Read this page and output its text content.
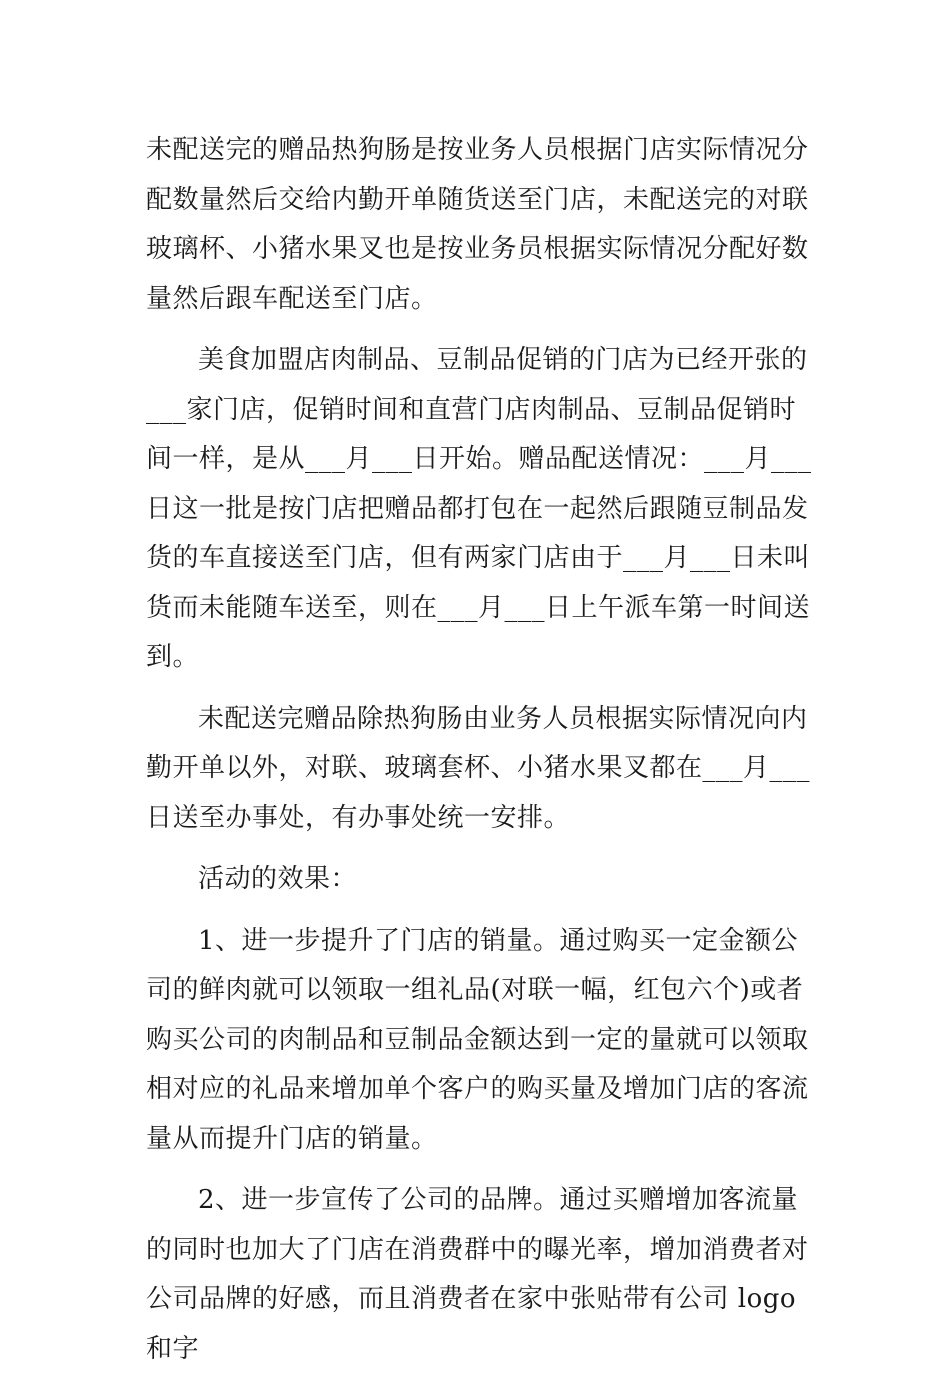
未配送完的赠品热狗肠是按业务人员根据门店实际情况分配数量然后交给内勤开单随货送至门店，未配送完的对联玻璃杯、小猪水果叉也是按业务员根据实际情况分配好数量然后跟车配送至门店。

美食加盟店肉制品、豆制品促销的门店为已经开张的___家门店，促销时间和直营门店肉制品、豆制品促销时间一样，是从___月___日开始。赠品配送情况：___月___日这一批是按门店把赠品都打包在一起然后跟随豆制品发货的车直接送至门店，但有两家门店由于___月___日未叫货而未能随车送至，则在___月___日上午派车第一时间送到。

未配送完赠品除热狗肠由业务人员根据实际情况向内勤开单以外，对联、玻璃套杯、小猪水果叉都在___月___日送至办事处，有办事处统一安排。

活动的效果：

1、进一步提升了门店的销量。通过购买一定金额公司的鲜肉就可以领取一组礼品(对联一幅，红包六个)或者购买公司的肉制品和豆制品金额达到一定的量就可以领取相对应的礼品来增加单个客户的购买量及增加门店的客流量从而提升门店的销量。

2、进一步宣传了公司的品牌。通过买赠增加客流量的同时也加大了门店在消费群中的曝光率，增加消费者对公司品牌的好感，而且消费者在家中张贴带有公司 logo 和字
